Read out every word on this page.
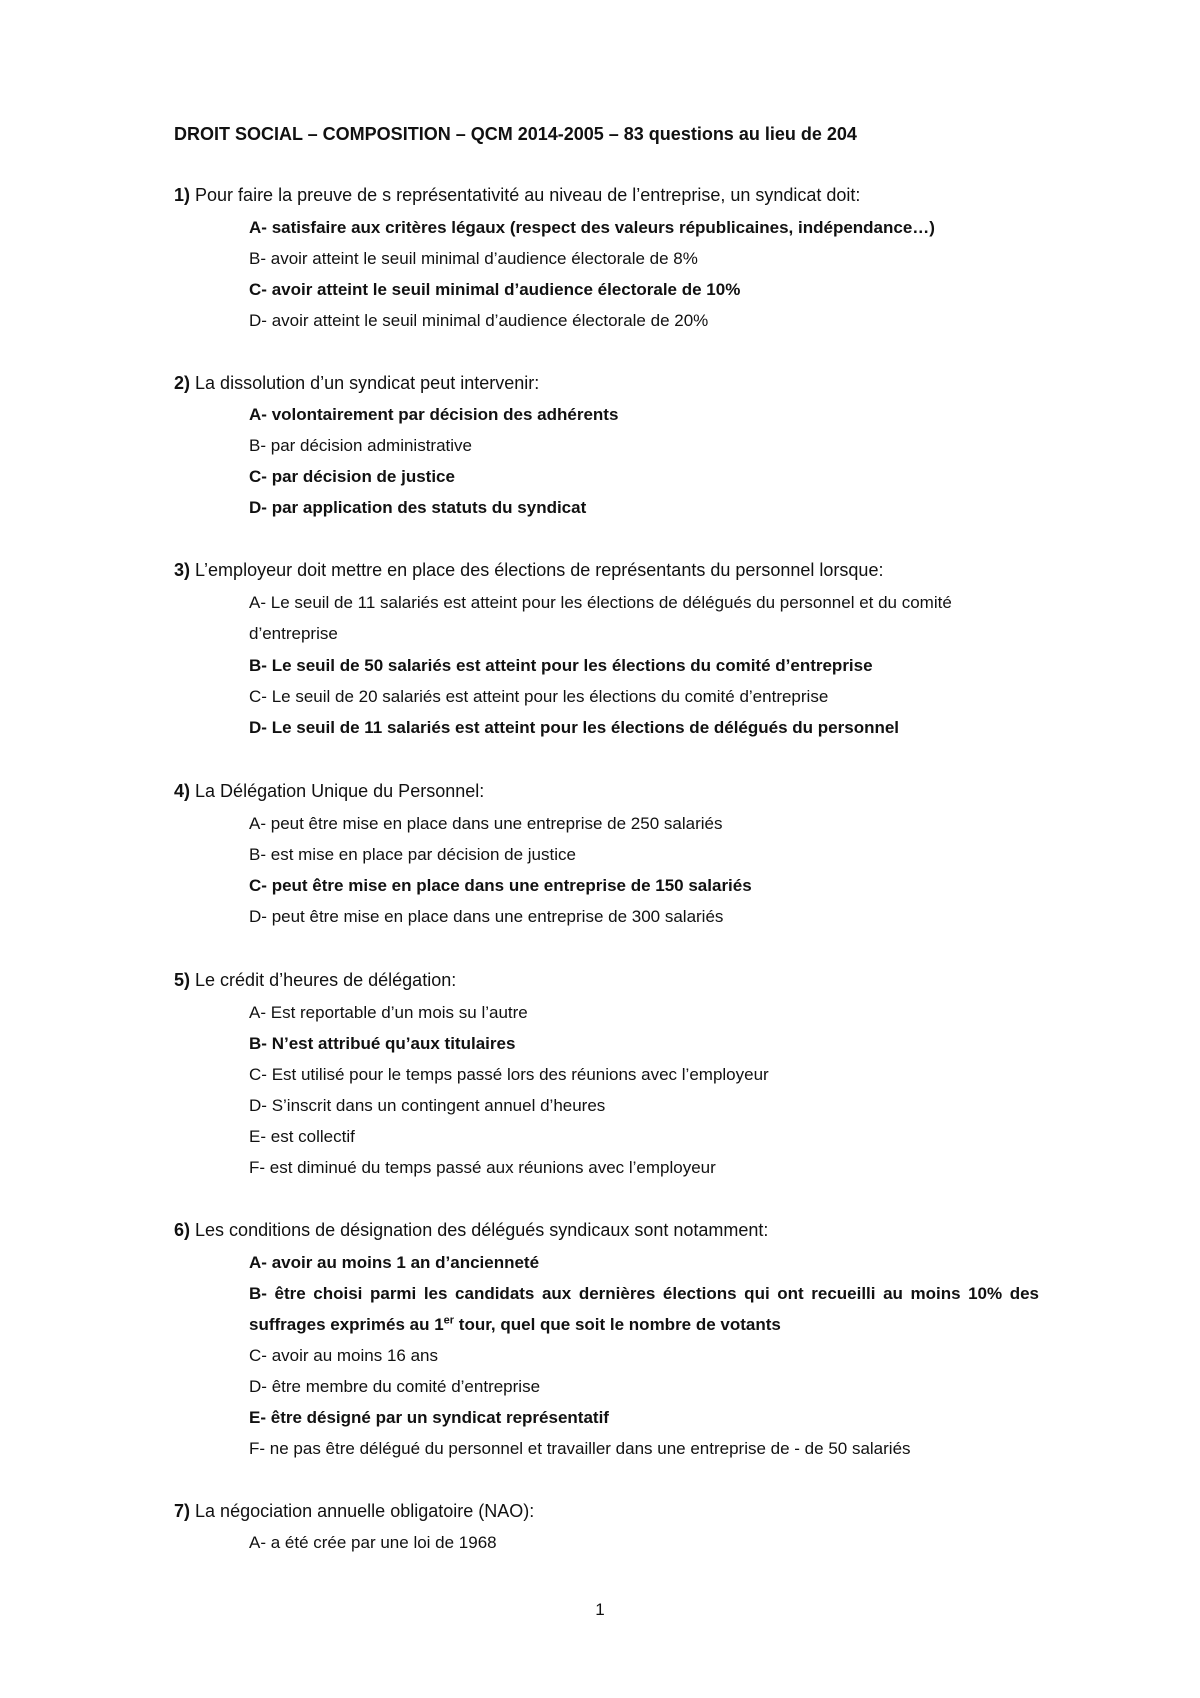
DROIT SOCIAL – COMPOSITION – QCM 2014-2005 – 83 questions au lieu de 204
1) Pour faire la preuve de s représentativité au niveau de l’entreprise, un syndicat doit:
A- satisfaire aux critères légaux (respect des valeurs républicaines, indépendance…)
B- avoir atteint le seuil minimal d’audience électorale de 8%
C- avoir atteint le seuil minimal d’audience électorale de 10%
D- avoir atteint le seuil minimal d’audience électorale de 20%
2) La dissolution d’un syndicat peut intervenir:
A- volontairement par décision des adhérents
B- par décision administrative
C- par décision de justice
D- par application des statuts du syndicat
3) L’employeur doit mettre en place des élections de représentants du personnel lorsque:
A- Le seuil de 11 salariés est atteint pour les élections de délégués du personnel et du comité d’entreprise
B- Le seuil de 50 salariés est atteint pour les élections du comité d’entreprise
C- Le seuil de 20 salariés est atteint pour les élections du comité d’entreprise
D- Le seuil de 11 salariés est atteint pour les élections de délégués du personnel
4) La Délégation Unique du Personnel:
A- peut être mise en place dans une entreprise de 250 salariés
B- est mise en place par décision de justice
C- peut être mise en place dans une entreprise de 150 salariés
D- peut être mise en place dans une entreprise de 300 salariés
5) Le crédit d’heures de délégation:
A- Est reportable d’un mois su l’autre
B- N’est attribué qu’aux titulaires
C- Est utilisé pour le temps passé lors des réunions avec l’employeur
D- S’inscrit dans un contingent annuel d’heures
E- est collectif
F- est diminué du temps passé aux réunions avec l’employeur
6) Les conditions de désignation des délégués syndicaux sont notamment:
A- avoir au moins 1 an d’ancienneté
B- être choisi parmi les candidats aux dernières élections qui ont recueilli au moins 10% des suffrages exprimés au 1er tour, quel que soit le nombre de votants
C- avoir au moins 16 ans
D- être membre du comité d’entreprise
E- être désigné par un syndicat représentatif
F- ne pas être délégué du personnel et travailler dans une entreprise de - de 50 salariés
7) La négociation annuelle obligatoire (NAO):
A- a été crée par une loi de 1968
1
